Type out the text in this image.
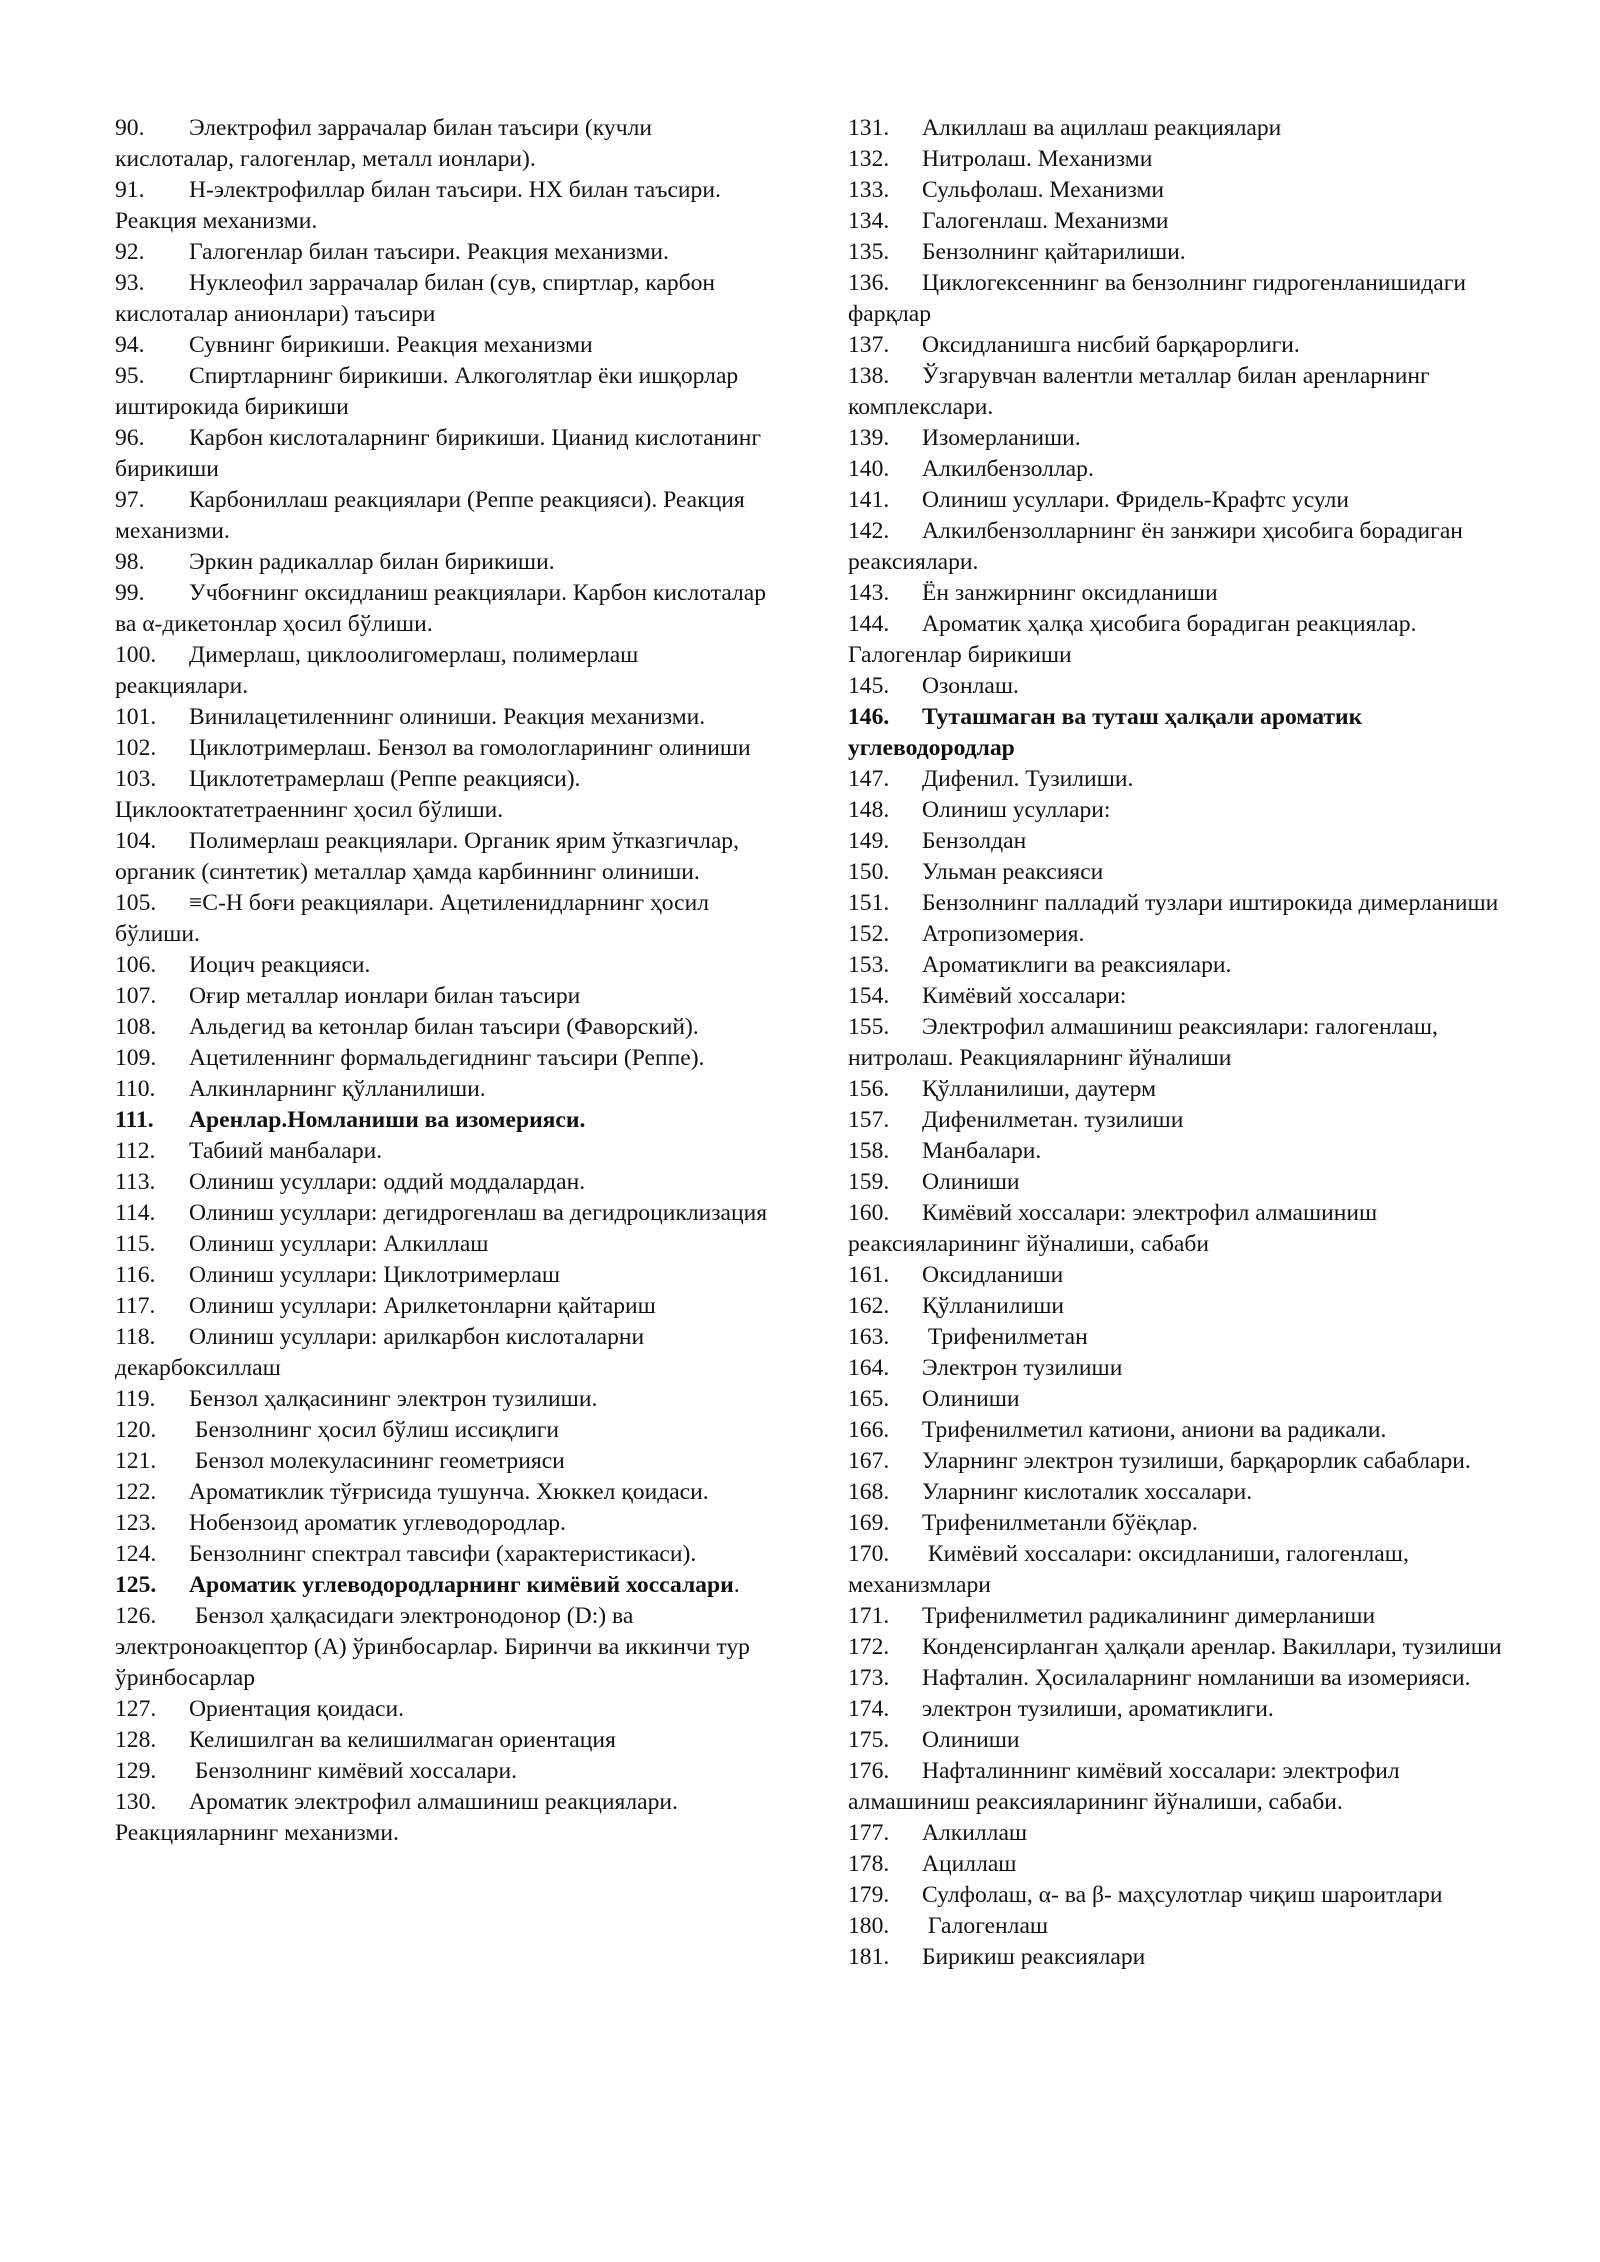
90. Электрофил заррачалар билан таъсири (кучли кислоталар, галогенлар, металл ионлари).

91. H-электрофиллар билан таъсири. HX билан таъсири. Реакция механизми.

92. Галогенлар билан таъсири. Реакция механизми.

93. Нуклеофил заррачалар билан (сув, спиртлар, карбон кислоталар анионлари) таъсири

94. Сувнинг бирикиши. Реакция механизми

95. Спиртларнинг бирикиши. Алкоголятлар ёки ишқорлар иштирокида бирикиши

96. Карбон кислоталарнинг бирикиши. Цианид кислотанинг бирикиши

97. Карбониллаш реакциялари (Реппе реакцияси). Реакция механизми.

98. Эркин радикаллар билан бирикиши.

99. Учбоғнинг оксидланиш реакциялари. Карбон кислоталар ва α-дикетонлар ҳосил бўлиши.

100. Димерлаш, циклоолигомерлаш, полимерлаш реакциялари.

101. Винилацетиленнинг олиниши. Реакция механизми.

102. Циклотримерлаш. Бензол ва гомологларининг олиниши

103. Циклотетрамерлаш (Реппе реакцияси). Циклооктатетраеннинг ҳосил бўлиши.

104. Полимерлаш реакциялари. Органик ярим ўтказгичлар, органик (синтетик) металлар ҳамда карбиннинг олиниши.

105. ≡С-H боғи реакциялари. Ацетиленидларнинг ҳосил бўлиши.

106. Иоцич реакцияси.

107. Оғир металлар ионлари билан таъсири

108. Альдегид ва кетонлар билан таъсири (Фаворский).

109. Ацетиленнинг формальдегиднинг таъсири (Реппе).

110. Алкинларнинг қўлланилиши.

111. Аренлар.Номланиши ва изомерияси.

112. Табиий манбалари.

113. Олиниш усуллари: оддий моддалардан.

114. Олиниш усуллари: дегидрогенлаш ва дегидроциклизация

115. Олиниш усуллари: Алкиллаш

116. Олиниш усуллари: Циклотримерлаш

117. Олиниш усуллари: Арилкетонларни қайтариш

118. Олиниш усуллари: арилкарбон кислоталарни декарбоксиллаш

119. Бензол ҳалқасининг электрон тузилиши.

120. Бензолнинг ҳосил бўлиш иссиқлиги

121. Бензол молекуласининг геометрияси

122. Ароматиклик тўғрисида тушунча. Хюккел қоидаси.

123. Нобензоид ароматик углеводородлар.

124. Бензолнинг спектрал тавсифи (характеристикаси).

125. Ароматик углеводородларнинг кимёвий хоссалари.

126. Бензол ҳалқасидаги электронодонор (D:) ва электроноакцептор (A) ўринбосарлар. Биринчи ва иккинчи тур ўринбосарлар

127. Ориентация қоидаси.

128. Келишилган ва келишилмаган ориентация

129. Бензолнинг кимёвий хоссалари.

130. Ароматик электрофил алмашиниш реакциялари. Реакцияларнинг механизми.

131. Алкиллаш ва ациллаш реакциялари

132. Нитролаш. Механизми

133. Сульфолаш. Механизми

134. Галогенлаш. Механизми

135. Бензолнинг қайтарилиши.

136. Циклогексеннинг ва бензолнинг гидрогенланишидаги фарқлар

137. Оксидланишга нисбий барқарорлиги.

138. Ўзгарувчан валентли металлар билан аренларнинг комплекслари.

139. Изомерланиши.

140. Алкилбензоллар.

141. Олиниш усуллари. Фридель-Крафтс усули

142. Алкилбензолларнинг ён занжири ҳисобига борадиган реаксиялари.

143. Ён занжирнинг оксидланиши

144. Ароматик ҳалқа ҳисобига борадиган реакциялар. Галогенлар бирикиши

145. Озонлаш.

146. Туташмаган ва туташ ҳалқали ароматик углеводородлар

147. Дифенил. Тузилиши.

148. Олиниш усуллари:

149. Бензолдан

150. Ульман реаксияси

151. Бензолнинг палладий тузлари иштирокида димерланиши

152. Атропизомерия.

153. Ароматиклиги ва реаксиялари.

154. Кимёвий хоссалари:

155. Электрофил алмашиниш реаксиялари: галогенлаш, нитролаш. Реакцияларнинг йўналиши

156. Қўлланилиши, даутерм

157. Дифенилметан. тузилиши

158. Манбалари.

159. Олиниши

160. Кимёвий хоссалари: электрофил алмашиниш реаксияларининг йўналиши, сабаби

161. Оксидланиши

162. Қўлланилиши

163. Трифенилметан

164. Электрон тузилиши

165. Олиниши

166. Трифенилметил катиони, аниони ва радикали.

167. Уларнинг электрон тузилиши, барқарорлик сабаблари.

168. Уларнинг кислоталик хоссалари.

169. Трифенилметанли бўёқлар.

170. Кимёвий хоссалари: оксидланиши, галогенлаш, механизмлари

171. Трифенилметил радикалининг димерланиши

172. Конденсирланган ҳалқали аренлар. Вакиллари, тузилиши

173. Нафталин. Ҳосилаларнинг номланиши ва изомерияси.

174. электрон тузилиши, ароматиклиги.

175. Олиниши

176. Нафталиннинг кимёвий хоссалари: электрофил алмашиниш реаксияларининг йўналиши, сабаби.

177. Алкиллаш

178. Ациллаш

179. Сулфолаш, α- ва β- маҳсулотлар чиқиш шароитлари

180. Галогенлаш

181. Бирикиш реаксиялари
